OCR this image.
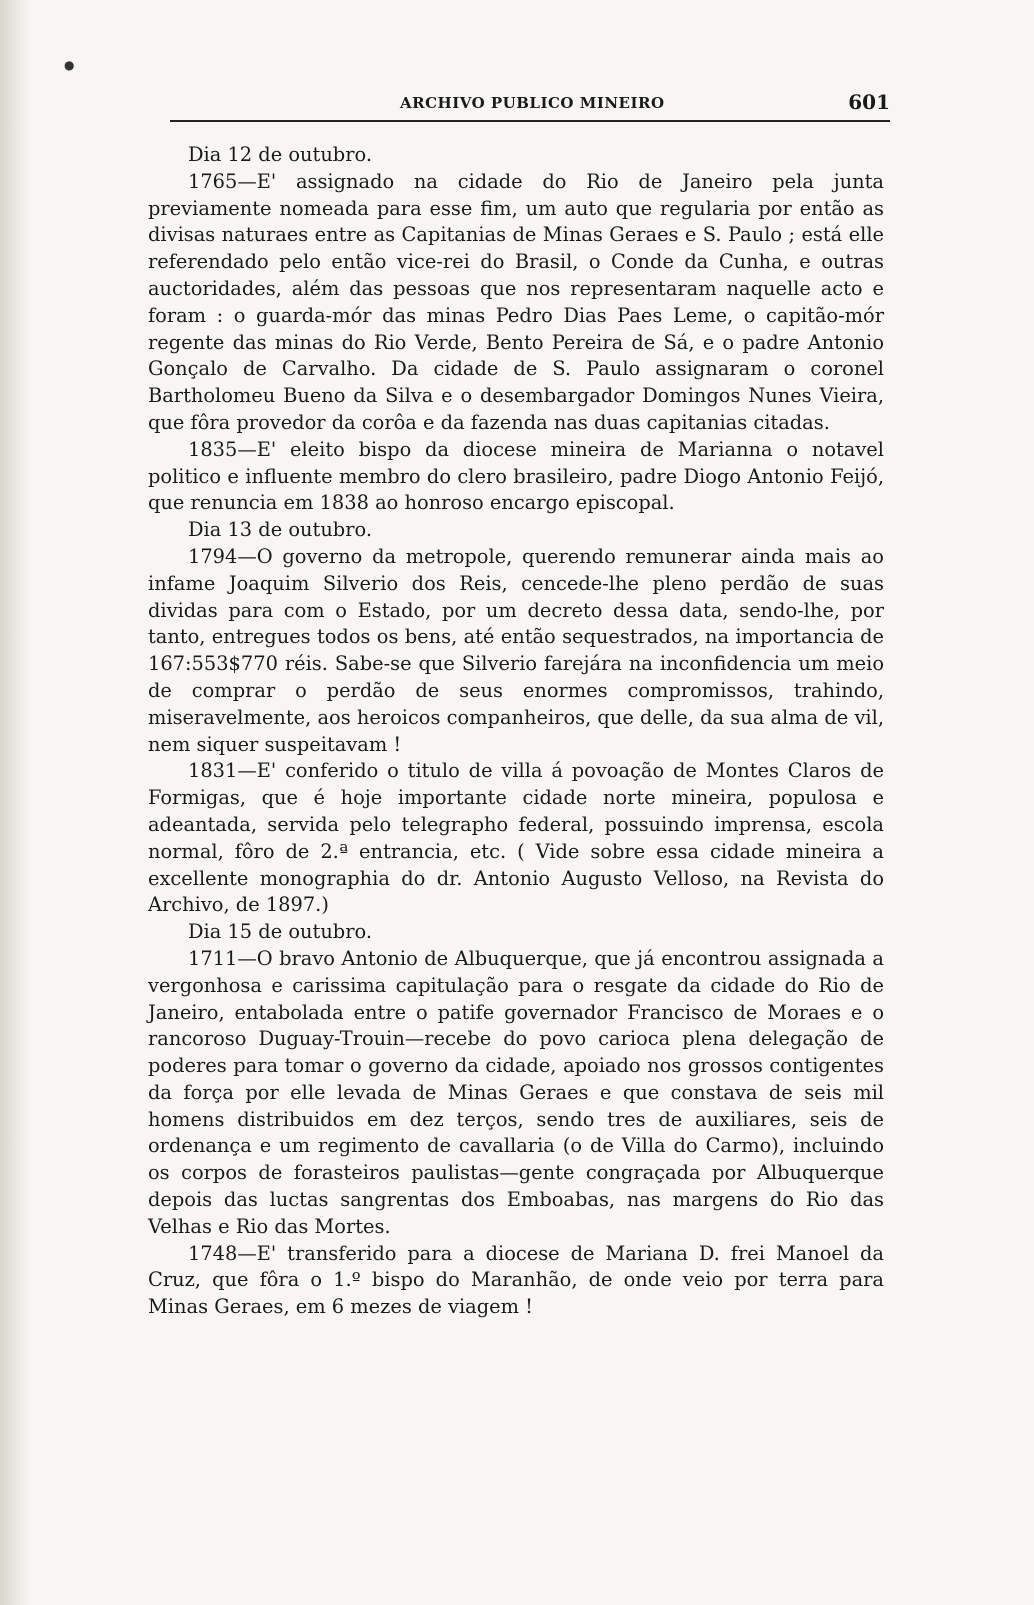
●
ARCHIVO PUBLICO MINEIRO	601

Dia 12 de outubro.

1765—E' assignado na cidade do Rio de Janeiro pela junta previamente nomeada para esse fim, um auto que regularia por então as divisas naturaes entre as Capitanias de Minas Geraes e S. Paulo ; está elle referendado pelo então vice-rei do Brasil, o Conde da Cunha, e outras auctoridades, além das pessoas que nos representaram naquelle acto e foram : o guarda-mór das minas Pedro Dias Paes Leme, o capitão-mór regente das minas do Rio Verde, Bento Pereira de Sá, e o padre Antonio Gonçalo de Carvalho. Da cidade de S. Paulo assignaram o coronel Bartholomeu Bueno da Silva e o desembargador Domingos Nunes Vieira, que fôra provedor da corôa e da fazenda nas duas capitanias citadas.

1835—E' eleito bispo da diocese mineira de Marianna o notavel politico e influente membro do clero brasileiro, padre Diogo Antonio Feijó, que renuncia em 1838 ao honroso encargo episcopal.

Dia 13 de outubro.

1794—O governo da metropole, querendo remunerar ainda mais ao infame Joaquim Silverio dos Reis, cencede-lhe pleno perdão de suas dividas para com o Estado, por um decreto dessa data, sendo-lhe, por tanto, entregues todos os bens, até então sequestrados, na importancia de 167:553$770 réis. Sabe-se que Silverio farejára na inconfidencia um meio de comprar o perdão de seus enormes compromissos, trahindo, miseravelmente, aos heroicos companheiros, que delle, da sua alma de vil, nem siquer suspeitavam !

1831—E' conferido o titulo de villa á povoação de Montes Claros de Formigas, que é hoje importante cidade norte mineira, populosa e adeantada, servida pelo telegrapho federal, possuindo imprensa, escola normal, fôro de 2.ª entrancia, etc. ( Vide sobre essa cidade mineira a excellente monographia do dr. Antonio Augusto Velloso, na Revista do Archivo, de 1897.)

Dia 15 de outubro.

1711—O bravo Antonio de Albuquerque, que já encontrou assignada a vergonhosa e carissima capitulação para o resgate da cidade do Rio de Janeiro, entabolada entre o patife governador Francisco de Moraes e o rancoroso Duguay-Trouin—recebe do povo carioca plena delegação de poderes para tomar o governo da cidade, apoiado nos grossos contigentes da força por elle levada de Minas Geraes e que constava de seis mil homens distribuidos em dez terços, sendo tres de auxiliares, seis de ordenança e um regimento de cavallaria (o de Villa do Carmo), incluindo os corpos de forasteiros paulistas—gente congraçada por Albuquerque depois das luctas sangrentas dos Emboabas, nas margens do Rio das Velhas e Rio das Mortes.

1748—E' transferido para a diocese de Mariana D. frei Manoel da Cruz, que fôra o 1.º bispo do Maranhão, de onde veio por terra para Minas Geraes, em 6 mezes de viagem !
